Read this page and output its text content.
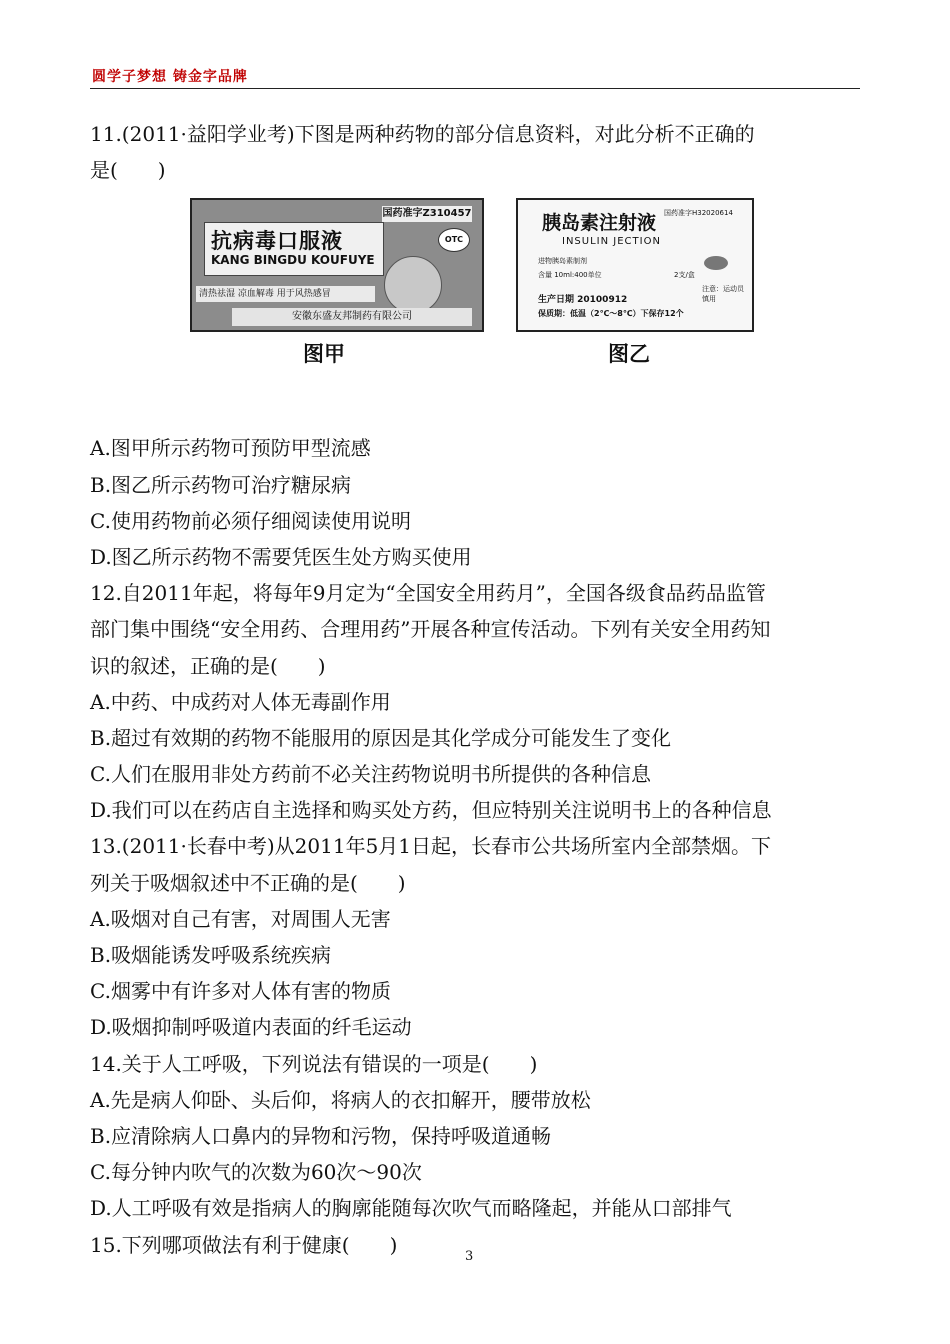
圆学子梦想 铸金字品牌
11.(2011·益阳学业考)下图是两种药物的部分信息资料，对此分析不正确的
是(　　)
国药准字Z310457
抗病毒口服液
KANG BINGDU KOUFUYE
OTC
清热祛湿 凉血解毒 用于风热感冒
安徽东盛友邦制药有限公司
胰岛素注射液 国药准字H32020614
INSULIN JECTION
进物胰岛素制剂
含量 10ml:400单位	2支/盒
注意：运动员慎用
生产日期 20100912
保质期：低温（2℃～8℃）下保存12个
图甲	图乙
A.图甲所示药物可预防甲型流感
B.图乙所示药物可治疗糖尿病
C.使用药物前必须仔细阅读使用说明
D.图乙所示药物不需要凭医生处方购买使用
12.自2011年起，将每年9月定为“全国安全用药月”，全国各级食品药品监管
部门集中围绕“安全用药、合理用药”开展各种宣传活动。下列有关安全用药知
识的叙述，正确的是(　　)
A.中药、中成药对人体无毒副作用
B.超过有效期的药物不能服用的原因是其化学成分可能发生了变化
C.人们在服用非处方药前不必关注药物说明书所提供的各种信息
D.我们可以在药店自主选择和购买处方药，但应特别关注说明书上的各种信息
13.(2011·长春中考)从2011年5月1日起，长春市公共场所室内全部禁烟。下
列关于吸烟叙述中不正确的是(　　)
A.吸烟对自己有害，对周围人无害
B.吸烟能诱发呼吸系统疾病
C.烟雾中有许多对人体有害的物质
D.吸烟抑制呼吸道内表面的纤毛运动
14.关于人工呼吸，下列说法有错误的一项是(　　)
A.先是病人仰卧、头后仰，将病人的衣扣解开，腰带放松
B.应清除病人口鼻内的异物和污物，保持呼吸道通畅
C.每分钟内吹气的次数为60次～90次
D.人工呼吸有效是指病人的胸廓能随每次吹气而略隆起，并能从口部排气
15.下列哪项做法有利于健康(　　)	3
